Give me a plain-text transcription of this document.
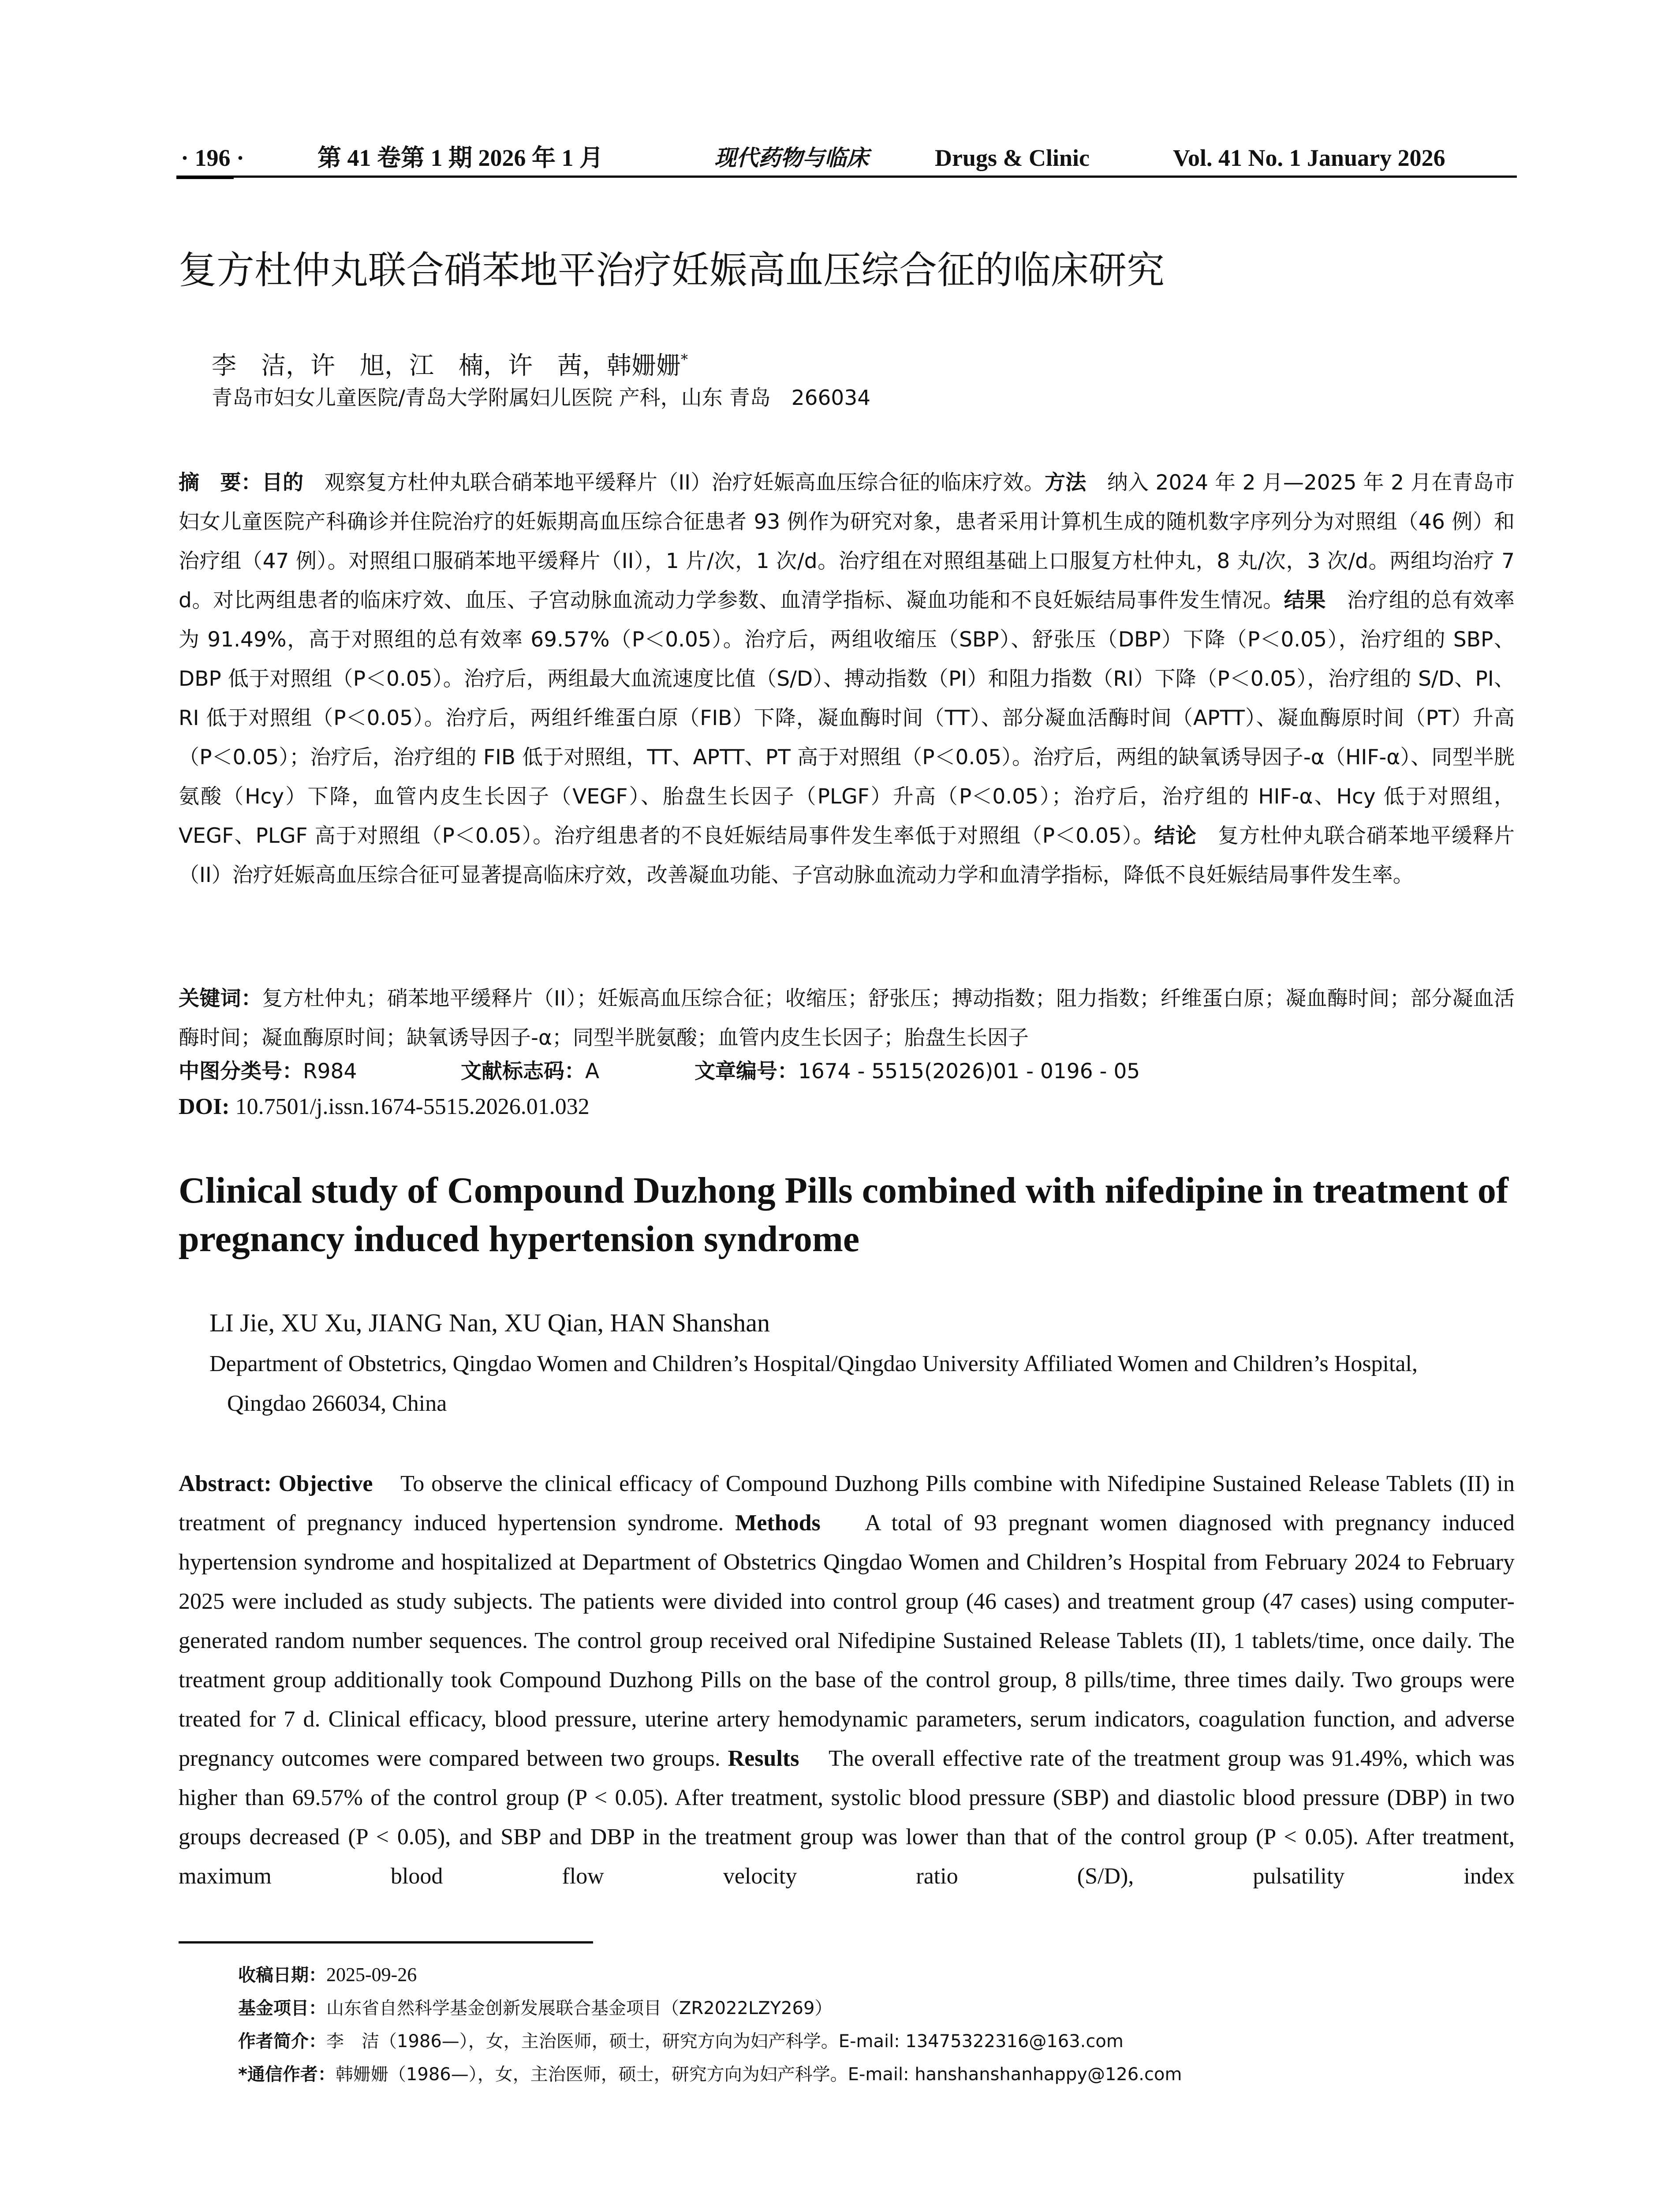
· 196 ·	第 41 卷第 1 期 2026 年 1 月	现代药物与临床	Drugs & Clinic	Vol. 41 No. 1 January 2026
复方杜仲丸联合硝苯地平治疗妊娠高血压综合征的临床研究
李　洁，许　旭，江　楠，许　茜，韩姗姗*
青岛市妇女儿童医院/青岛大学附属妇儿医院 产科，山东 青岛　266034
摘　要：目的　 观察复方杜仲丸联合硝苯地平缓释片（II）治疗妊娠高血压综合征的临床疗效。方法　 纳入 2024 年 2 月—2025 年 2 月在青岛市妇女儿童医院产科确诊并住院治疗的妊娠期高血压综合征患者 93 例作为研究对象，患者采用计算机生成的随机数字序列分为对照组（46 例）和治疗组（47 例）。对照组口服硝苯地平缓释片（II），1 片/次，1 次/d。治疗组在对照组基础上口服复方杜仲丸，8 丸/次，3 次/d。两组均治疗 7 d。对比两组患者的临床疗效、血压、子宫动脉血流动力学参数、血清学指标、凝血功能和不良妊娠结局事件发生情况。结果　 治疗组的总有效率为 91.49%，高于对照组的总有效率 69.57%（P＜0.05）。治疗后，两组收缩压（SBP）、舒张压（DBP）下降（P＜0.05），治疗组的 SBP、DBP 低于对照组（P＜0.05）。治疗后，两组最大血流速度比值（S/D）、搏动指数（PI）和阻力指数（RI）下降（P＜0.05），治疗组的 S/D、PI、RI 低于对照组（P＜0.05）。治疗后，两组纤维蛋白原（FIB）下降，凝血酶时间（TT）、部分凝血活酶时间（APTT）、凝血酶原时间（PT）升高（P＜0.05）；治疗后，治疗组的 FIB 低于对照组，TT、APTT、PT 高于对照组（P＜0.05）。治疗后，两组的缺氧诱导因子-α（HIF-α）、同型半胱氨酸（Hcy）下降，血管内皮生长因子（VEGF）、胎盘生长因子（PLGF）升高（P＜0.05）；治疗后，治疗组的 HIF-α、Hcy 低于对照组，VEGF、PLGF 高于对照组（P＜0.05）。治疗组患者的不良妊娠结局事件发生率低于对照组（P＜0.05）。结论　 复方杜仲丸联合硝苯地平缓释片（II）治疗妊娠高血压综合征可显著提高临床疗效，改善凝血功能、子宫动脉血流动力学和血清学指标，降低不良妊娠结局事件发生率。
关键词：复方杜仲丸；硝苯地平缓释片（II）；妊娠高血压综合征；收缩压；舒张压；搏动指数；阻力指数；纤维蛋白原；凝血酶时间；部分凝血活酶时间；凝血酶原时间；缺氧诱导因子-α；同型半胱氨酸；血管内皮生长因子；胎盘生长因子
中图分类号：R984	文献标志码：A	文章编号：1674 - 5515(2026)01 - 0196 - 05
DOI: 10.7501/j.issn.1674-5515.2026.01.032
Clinical study of Compound Duzhong Pills combined with nifedipine in treatment of pregnancy induced hypertension syndrome
LI Jie, XU Xu, JIANG Nan, XU Qian, HAN Shanshan
Department of Obstetrics, Qingdao Women and Children’s Hospital/Qingdao University Affiliated Women and Children’s Hospital,
Qingdao 266034, China
Abstract: Objective To observe the clinical efficacy of Compound Duzhong Pills combine with Nifedipine Sustained Release Tablets (II) in treatment of pregnancy induced hypertension syndrome. Methods A total of 93 pregnant women diagnosed with pregnancy induced hypertension syndrome and hospitalized at Department of Obstetrics Qingdao Women and Children’s Hospital from February 2024 to February 2025 were included as study subjects. The patients were divided into control group (46 cases) and treatment group (47 cases) using computer-generated random number sequences. The control group received oral Nifedipine Sustained Release Tablets (II), 1 tablets/time, once daily. The treatment group additionally took Compound Duzhong Pills on the base of the control group, 8 pills/time, three times daily. Two groups were treated for 7 d. Clinical efficacy, blood pressure, uterine artery hemodynamic parameters, serum indicators, coagulation function, and adverse pregnancy outcomes were compared between two groups. Results The overall effective rate of the treatment group was 91.49%, which was higher than 69.57% of the control group (P < 0.05). After treatment, systolic blood pressure (SBP) and diastolic blood pressure (DBP) in two groups decreased (P < 0.05), and SBP and DBP in the treatment group was lower than that of the control group (P < 0.05). After treatment, maximum blood flow velocity ratio (S/D), pulsatility index
收稿日期：2025-09-26
基金项目：山东省自然科学基金创新发展联合基金项目（ZR2022LZY269）
作者简介：李　洁（1986—），女，主治医师，硕士，研究方向为妇产科学。E-mail: 13475322316@163.com
*通信作者：韩姗姗（1986—），女，主治医师，硕士，研究方向为妇产科学。E-mail: hanshanshanhappy@126.com
